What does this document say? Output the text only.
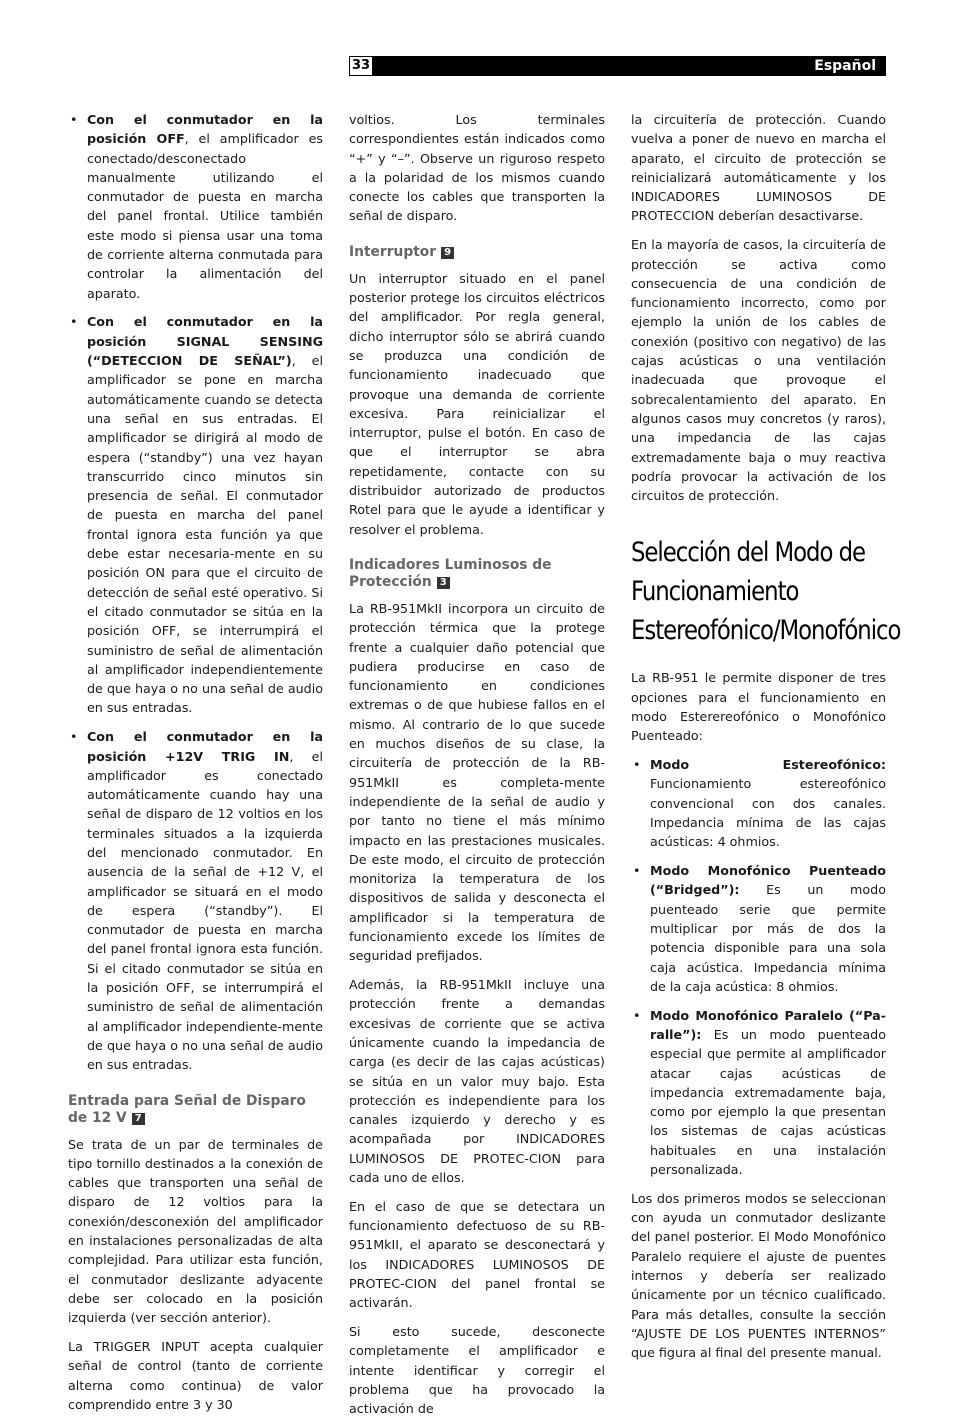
33	Español
• Con el conmutador en la posición OFF, el amplificador es conectado/desconectado manualmente utilizando el conmutador de puesta en marcha del panel frontal. Utilice también este modo si piensa usar una toma de corriente alterna conmutada para controlar la alimentación del aparato.
• Con el conmutador en la posición SIGNAL SENSING (“DETECCION DE SEÑAL”), el amplificador se pone en marcha automáticamente cuando se detecta una señal en sus entradas. El amplificador se dirigirá al modo de espera (“standby”) una vez hayan transcurrido cinco minutos sin presencia de señal. El conmutador de puesta en marcha del panel frontal ignora esta función ya que debe estar necesaria-mente en su posición ON para que el circuito de detección de señal esté operativo. Si el citado conmutador se sitúa en la posición OFF, se interrumpirá el suministro de señal de alimentación al amplificador independientemente de que haya o no una señal de audio en sus entradas.
• Con el conmutador en la posición +12V TRIG IN, el amplificador es conectado automáticamente cuando hay una señal de disparo de 12 voltios en los terminales situados a la izquierda del mencionado conmutador. En ausencia de la señal de +12 V, el amplificador se situará en el modo de espera (“standby”). El conmutador de puesta en marcha del panel frontal ignora esta función. Si el citado conmutador se sitúa en la posición OFF, se interrumpirá el suministro de señal de alimentación al amplificador independiente-mente de que haya o no una señal de audio en sus entradas.
Entrada para Señal de Disparo de 12 V 7

Se trata de un par de terminales de tipo tornillo destinados a la conexión de cables que transporten una señal de disparo de 12 voltios para la conexión/desconexión del amplificador en instalaciones personalizadas de alta complejidad. Para utilizar esta función, el conmutador deslizante adyacente debe ser colocado en la posición izquierda (ver sección anterior).

La TRIGGER INPUT acepta cualquier señal de control (tanto de corriente alterna como continua) de valor comprendido entre 3 y 30

voltios. Los terminales correspondientes están indicados como “+” y “–”. Observe un riguroso respeto a la polaridad de los mismos cuando conecte los cables que transporten la señal de disparo.

Interruptor 9

Un interruptor situado en el panel posterior protege los circuitos eléctricos del amplificador. Por regla general, dicho interruptor sólo se abrirá cuando se produzca una condición de funcionamiento inadecuado que provoque una demanda de corriente excesiva. Para reinicializar el interruptor, pulse el botón. En caso de que el interruptor se abra repetidamente, contacte con su distribuidor autorizado de productos Rotel para que le ayude a identificar y resolver el problema.

Indicadores Luminosos de Protección 3

La RB-951MkII incorpora un circuito de protección térmica que la protege frente a cualquier daño potencial que pudiera producirse en caso de funcionamiento en condiciones extremas o de que hubiese fallos en el mismo. Al contrario de lo que sucede en muchos diseños de su clase, la circuitería de protección de la RB-951MkII es completa-mente independiente de la señal de audio y por tanto no tiene el más mínimo impacto en las prestaciones musicales. De este modo, el circuito de protección monitoriza la temperatura de los dispositivos de salida y desconecta el amplificador si la temperatura de funcionamiento excede los límites de seguridad prefijados.

Además, la RB-951MkII incluye una protección frente a demandas excesivas de corriente que se activa únicamente cuando la impedancia de carga (es decir de las cajas acústicas) se sitúa en un valor muy bajo. Esta protección es independiente para los canales izquierdo y derecho y es acompañada por INDICADORES LUMINOSOS DE PROTEC-CION para cada uno de ellos.

En el caso de que se detectara un funcionamiento defectuoso de su RB-951MkII, el aparato se desconectará y los INDICADORES LUMINOSOS DE PROTEC-CION del panel frontal se activarán.

Si esto sucede, desconecte completamente el amplificador e intente identificar y corregir el problema que ha provocado la activación de

la circuitería de protección. Cuando vuelva a poner de nuevo en marcha el aparato, el circuito de protección se reinicializará automáticamente y los INDICADORES LUMINOSOS DE PROTECCION deberían desactivarse.

En la mayoría de casos, la circuitería de protección se activa como consecuencia de una condición de funcionamiento incorrecto, como por ejemplo la unión de los cables de conexión (positivo con negativo) de las cajas acústicas o una ventilación inadecuada que provoque el sobrecalentamiento del aparato. En algunos casos muy concretos (y raros), una impedancia de las cajas extremadamente baja o muy reactiva podría provocar la activación de los circuitos de protección.

Selección del Modo de Funcionamiento Estereofónico/Monofónico

La RB-951 le permite disponer de tres opciones para el funcionamiento en modo Esterereofónico o Monofónico Puenteado:

• Modo Estereofónico: Funcionamiento estereofónico convencional con dos canales. Impedancia mínima de las cajas acústicas: 4 ohmios.
• Modo Monofónico Puenteado (“Bridged”): Es un modo puenteado serie que permite multiplicar por más de dos la potencia disponible para una sola caja acústica. Impedancia mínima de la caja acústica: 8 ohmios.
• Modo Monofónico Paralelo (“Pa-ralle”): Es un modo puenteado especial que permite al amplificador atacar cajas acústicas de impedancia extremadamente baja, como por ejemplo la que presentan los sistemas de cajas acústicas habituales en una instalación personalizada.

Los dos primeros modos se seleccionan con ayuda un conmutador deslizante del panel posterior. El Modo Monofónico Paralelo requiere el ajuste de puentes internos y debería ser realizado únicamente por un técnico cualificado. Para más detalles, consulte la sección “AJUSTE DE LOS PUENTES INTERNOS” que figura al final del presente manual.
